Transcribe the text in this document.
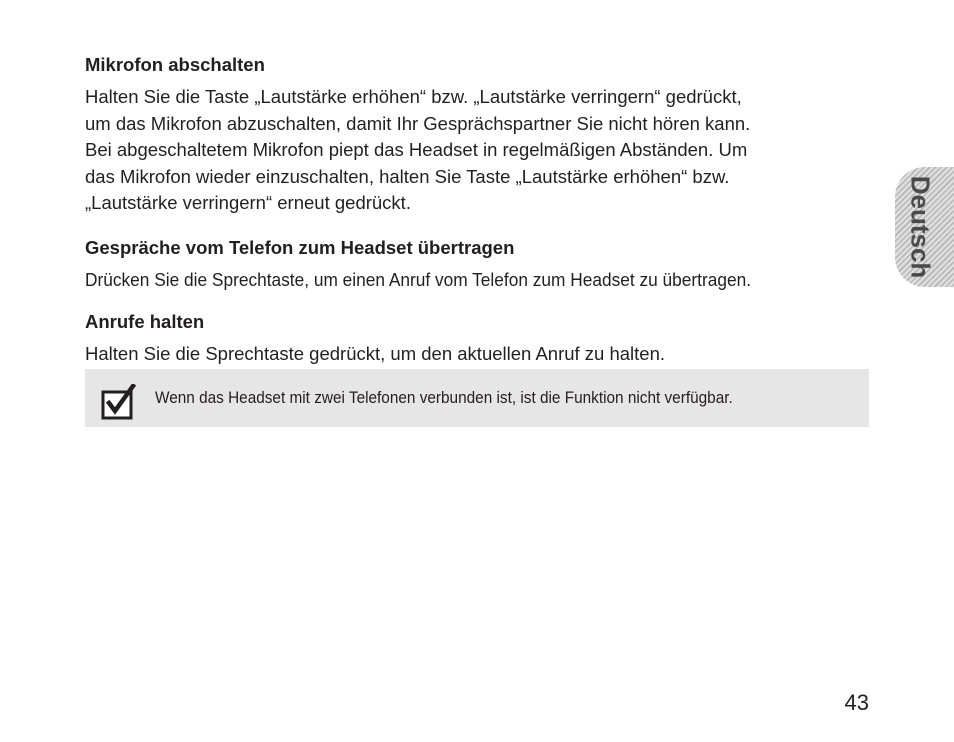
Mikrofon abschalten

Halten Sie die Taste „Lautstärke erhöhen“ bzw. „Lautstärke verringern“ gedrückt,
um das Mikrofon abzuschalten, damit Ihr Gesprächspartner Sie nicht hören kann.
Bei abgeschaltetem Mikrofon piept das Headset in regelmäßigen Abständen. Um
das Mikrofon wieder einzuschalten, halten Sie Taste „Lautstärke erhöhen“ bzw.
„Lautstärke verringern“ erneut gedrückt.

Gespräche vom Telefon zum Headset übertragen

Drücken Sie die Sprechtaste, um einen Anruf vom Telefon zum Headset zu übertragen.

Anrufe halten

Halten Sie die Sprechtaste gedrückt, um den aktuellen Anruf zu halten.

Wenn das Headset mit zwei Telefonen verbunden ist, ist die Funktion nicht verfügbar.
Deutsch
43
